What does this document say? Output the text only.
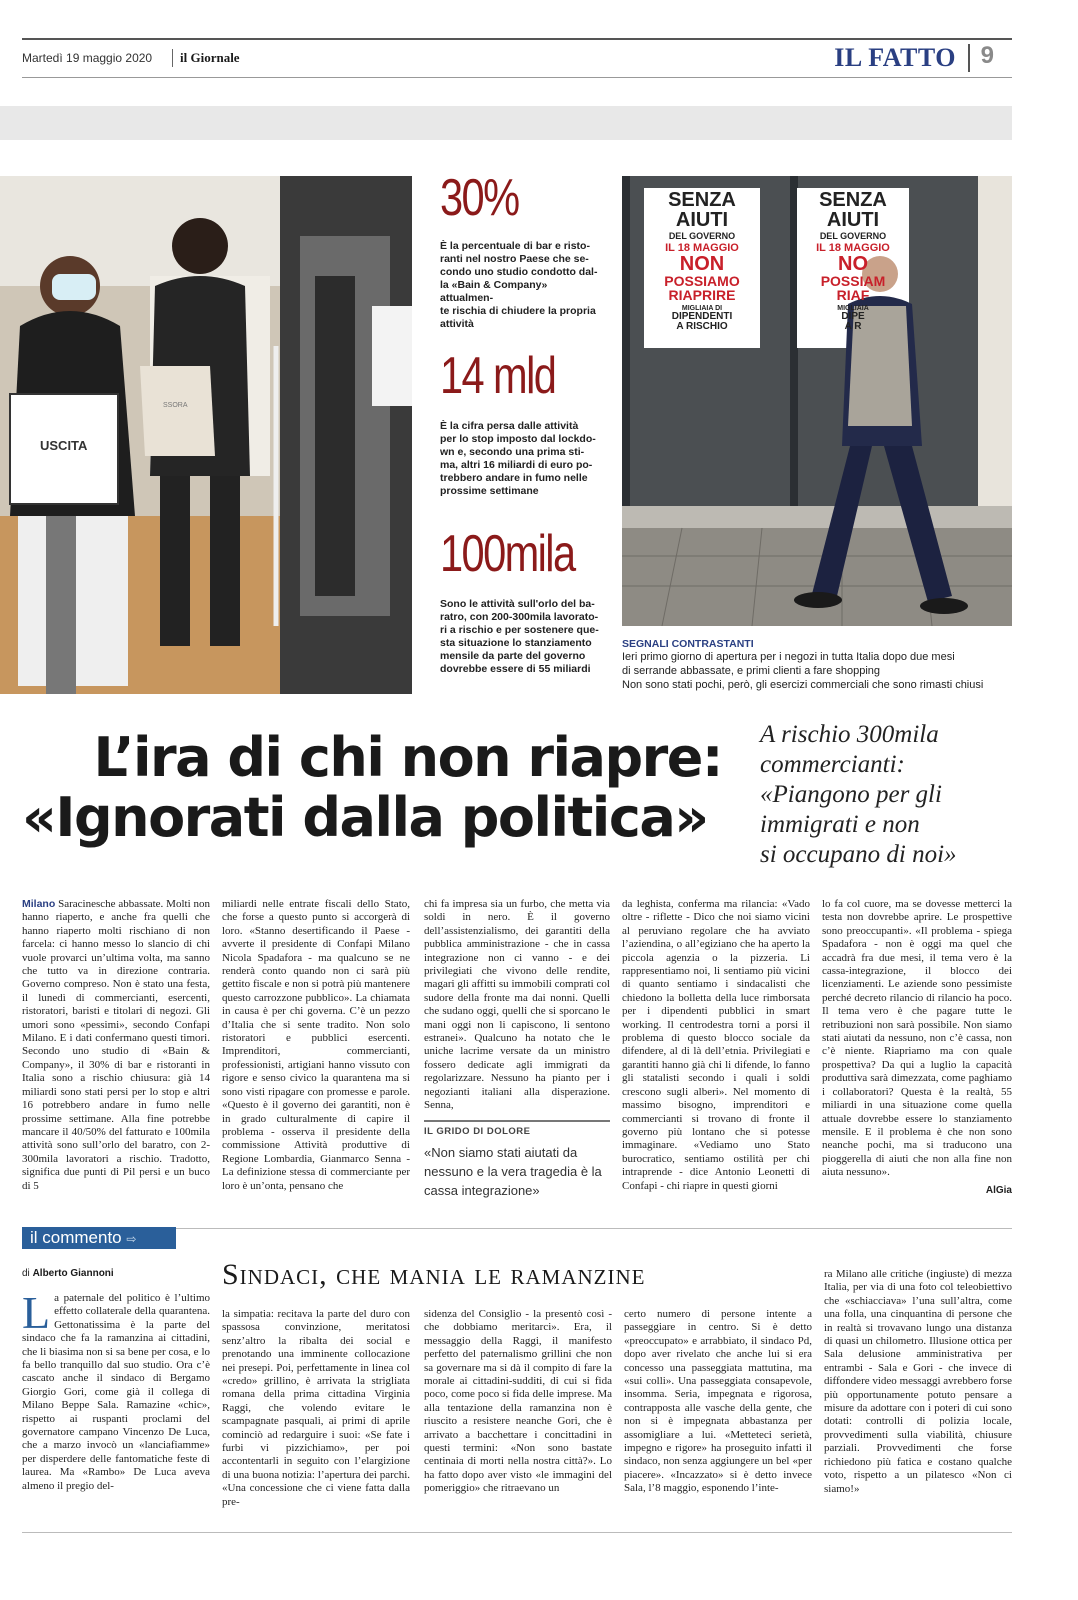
Martedì 19 maggio 2020 il Giornale	IL FATTO 9
USCITA
SSORA
30%
È la percentuale di bar e risto-
ranti nel nostro Paese che se-
condo uno studio condotto dal-
la «Bain & Company» attualmen-
te rischia di chiudere la propria
attività
14 mld
È la cifra persa dalle attività
per lo stop imposto dal lockdo-
wn e, secondo una prima sti-
ma, altri 16 miliardi di euro po-
trebbero andare in fumo nelle
prossime settimane
100mila
Sono le attività sull'orlo del ba-
ratro, con 200-300mila lavorato-
ri a rischio e per sostenere que-
sta situazione lo stanziamento
mensile da parte del governo
dovrebbe essere di 55 miliardi
SENZA
AIUTI
DEL GOVERNO
IL 18 MAGGIO
NON
POSSIAMO
RIAPRIRE
MIGLIAIA DI
DIPENDENTI
A RISCHIO
SENZA
AIUTI
DEL GOVERNO
IL 18 MAGGIO
NO
POSSIAM
RIAF
MIGLIAIA
DIPE
A R
SEGNALI CONTRASTANTI
Ieri primo giorno di apertura per i negozi in tutta Italia dopo due mesi
di serrande abbassate, e primi clienti a fare shopping
Non sono stati pochi, però, gli esercizi commerciali che sono rimasti chiusi
L’ira di chi non riapre:
«Ignorati dalla politica»
A rischio 300mila
commercianti:
«Piangono per gli
immigrati e non
si occupano di noi»
Milano Saracinesche abbassate. Molti non hanno riaperto, e anche fra quelli che hanno riaperto molti rischiano di non farcela: ci hanno messo lo slancio di chi vuole provarci un’ultima volta, ma sanno che tutto va in direzione contraria. Governo compreso. Non è stato una festa, il lunedì di commercianti, esercenti, ristoratori, baristi e titolari di negozi. Gli umori sono «pessimi», secondo Confapi Milano. E i dati confermano questi timori. Secondo uno studio di «Bain & Company», il 30% di bar e ristoranti in Italia sono a rischio chiusura: già 14 miliardi sono stati persi per lo stop e altri 16 potrebbero andare in fumo nelle prossime settimane. Alla fine potrebbe mancare il 40/50% del fatturato e 100mila attività sono sull’orlo del baratro, con 2-300mila lavoratori a rischio. Tradotto, significa due punti di Pil persi e un buco di 5
miliardi nelle entrate fiscali dello Stato, che forse a questo punto si accorgerà di loro. «Stanno desertificando il Paese - avverte il presidente di Confapi Milano Nicola Spadafora - ma qualcuno se ne renderà conto quando non ci sarà più gettito fiscale e non si potrà più mantenere questo carrozzone pubblico». La chiamata in causa è per chi governa. C’è un pezzo d’Italia che si sente tradito. Non solo ristoratori e pubblici esercenti. Imprenditori, commercianti, professionisti, artigiani hanno vissuto con rigore e senso civico la quarantena ma si sono visti ripagare con promesse e parole. «Questo è il governo dei garantiti, non è in grado culturalmente di capire il problema - osserva il presidente della commissione Attività produttive di Regione Lombardia, Gianmarco Senna - La definizione stessa di commerciante per loro è un’onta, pensano che
chi fa impresa sia un furbo, che metta via soldi in nero. È il governo dell’assistenzialismo, dei garantiti della pubblica amministrazione - che in cassa integrazione non ci vanno - e dei privilegiati che vivono delle rendite, magari gli affitti su immobili comprati col sudore della fronte ma dai nonni. Quelli che sudano oggi, quelli che si sporcano le mani oggi non li capiscono, li sentono estranei». Qualcuno ha notato che le uniche lacrime versate da un ministro fossero dedicate agli immigrati da regolarizzare. Nessuno ha pianto per i negozianti italiani alla disperazione. Senna,
IL GRIDO DI DOLORE
«Non siamo stati aiutati da nessuno e la vera tragedia è la cassa integrazione»
da leghista, conferma ma rilancia: «Vado oltre - riflette - Dico che noi siamo vicini al peruviano regolare che ha avviato l’aziendina, o all’egiziano che ha aperto la piccola agenzia o la pizzeria. Li rappresentiamo noi, li sentiamo più vicini di quanto sentiamo i sindacalisti che chiedono la bolletta della luce rimborsata per i dipendenti pubblici in smart working. Il centrodestra torni a porsi il problema di questo blocco sociale da difendere, al di là dell’etnia. Privilegiati e garantiti hanno già chi li difende, lo fanno gli statalisti secondo i quali i soldi crescono sugli alberi». Nel momento di massimo bisogno, imprenditori e commercianti si trovano di fronte il governo più lontano che si potesse immaginare. «Vediamo uno Stato burocratico, sentiamo ostilità per chi intraprende - dice Antonio Leonetti di Confapi - chi riapre in questi giorni
lo fa col cuore, ma se dovesse metterci la testa non dovrebbe aprire. Le prospettive sono preoccupanti». «Il problema - spiega Spadafora - non è oggi ma quel che accadrà fra due mesi, il tema vero è la cassa-integrazione, il blocco dei licenziamenti. Le aziende sono pessimiste perché decreto rilancio di rilancio ha poco. Il tema vero è che pagare tutte le retribuzioni non sarà possibile. Non siamo stati aiutati da nessuno, non c’è cassa, non c’è niente. Riapriamo ma con quale prospettiva? Da qui a luglio la capacità produttiva sarà dimezzata, come paghiamo i collaboratori? Questa è la realtà, 55 miliardi in una situazione come quella attuale dovrebbe essere lo stanziamento mensile. E il problema è che non sono neanche pochi, ma si traducono una pioggerella di aiuti che non alla fine non aiuta nessuno».
AlGia
il commento ⇨
di Alberto Giannoni	Sindaci, che mania le ramanzine
La paternale del politico è l’ultimo effetto collaterale della quarantena. Gettonatissima è la parte del sindaco che fa la ramanzina ai cittadini, che li biasima non si sa bene per cosa, e lo fa bello tranquillo dal suo studio. Ora c’è cascato anche il sindaco di Bergamo Giorgio Gori, come già il collega di Milano Beppe Sala. Ramazine «chic», rispetto ai ruspanti proclami del governatore campano Vincenzo De Luca, che a marzo invocò un «lanciafiamme» per disperdere delle fantomatiche feste di laurea. Ma «Rambo» De Luca aveva almeno il pregio del-
la simpatia: recitava la parte del duro con spassosa convinzione, meritatosi senz’altro la ribalta dei social e prenotando una imminente collocazione nei presepi. Poi, perfettamente in linea col «credo» grillino, è arrivata la strigliata romana della prima cittadina Virginia Raggi, che volendo evitare le scampagnate pasquali, ai primi di aprile cominciò ad redarguire i suoi: «Se fate i furbi vi pizzichiamo», per poi accontentarli in seguito con l’elargizione di una buona notizia: l’apertura dei parchi. «Una concessione che ci viene fatta dalla pre-
sidenza del Consiglio - la presentò così - che dobbiamo meritarci». Era, il messaggio della Raggi, il manifesto perfetto del paternalismo grillini che non sa governare ma si dà il compito di fare la morale ai cittadini-sudditi, di cui si fida poco, come poco si fida delle imprese. Ma alla tentazione della ramanzina non è riuscito a resistere neanche Gori, che è arrivato a bacchettare i concittadini in questi termini: «Non sono bastate centinaia di morti nella nostra città?». Lo ha fatto dopo aver visto «le immagini del pomeriggio» che ritraevano un
certo numero di persone intente a passeggiare in centro. Si è detto «preoccupato» e arrabbiato, il sindaco Pd, dopo aver rivelato che anche lui si era concesso una passeggiata mattutina, ma «sui colli». Una passeggiata consapevole, insomma. Seria, impegnata e rigorosa, contrapposta alle vasche della gente, che non si è impegnata abbastanza per assomigliare a lui. «Metteteci serietà, impegno e rigore» ha proseguito infatti il sindaco, non senza aggiungere un bel «per piacere». «Incazzato» si è detto invece Sala, l’8 maggio, esponendo l’inte-
ra Milano alle critiche (ingiuste) di mezza Italia, per via di una foto col teleobiettivo che «schiacciava» l’una sull’altra, come una folla, una cinquantina di persone che in realtà si trovavano lungo una distanza di quasi un chilometro. Illusione ottica per Sala delusione amministrativa per entrambi - Sala e Gori - che invece di diffondere video messaggi avrebbero forse più opportunamente potuto pensare a misure da adottare con i poteri di cui sono dotati: controlli di polizia locale, provvedimenti sulla viabilità, chiusure parziali. Provvedimenti che forse richiedono più fatica e costano qualche voto, rispetto a un pilatesco «Non ci siamo!»
